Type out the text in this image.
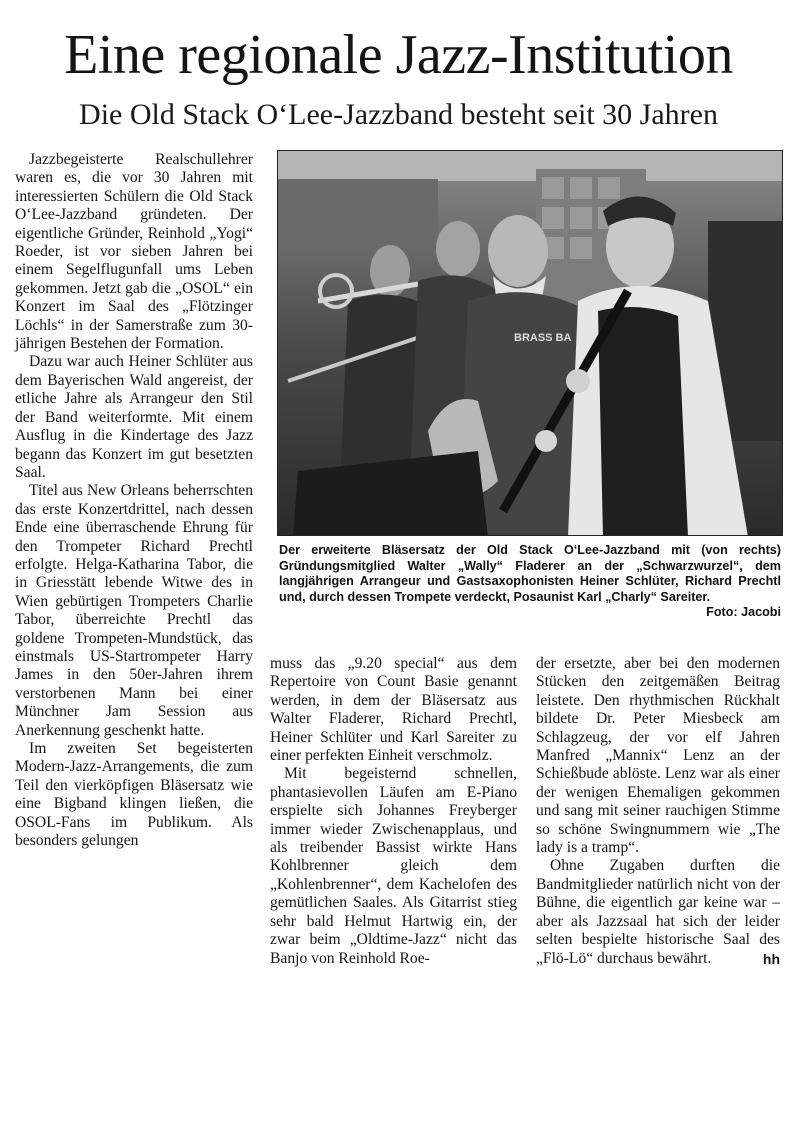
Eine regionale Jazz-Institution
Die Old Stack O‘Lee-Jazzband besteht seit 30 Jahren

Jazzbegeisterte Realschullehrer waren es, die vor 30 Jahren mit interessierten Schülern die Old Stack O‘Lee-Jazzband gründeten. Der eigentliche Gründer, Reinhold „Yogi“ Roeder, ist vor sieben Jahren bei einem Segelflugunfall ums Leben gekommen. Jetzt gab die „OSOL“ ein Konzert im Saal des „Flötzinger Löchls“ in der Samerstraße zum 30-jährigen Bestehen der Formation.

Dazu war auch Heiner Schlüter aus dem Bayerischen Wald angereist, der etliche Jahre als Arrangeur den Stil der Band weiterformte. Mit einem Ausflug in die Kindertage des Jazz begann das Konzert im gut besetzten Saal.

Titel aus New Orleans beherrschten das erste Konzertdrittel, nach dessen Ende eine überraschende Ehrung für den Trompeter Richard Prechtl erfolgte. Helga-Katharina Tabor, die in Griesstätt lebende Witwe des in Wien gebürtigen Trompeters Charlie Tabor, überreichte Prechtl das goldene Trompeten-Mundstück, das einstmals US-Startrompeter Harry James in den 50er-Jahren ihrem verstorbenen Mann bei einer Münchner Jam Session aus Anerkennung geschenkt hatte.

Im zweiten Set begeisterten Modern-Jazz-Arrangements, die zum Teil den vierköpfigen Bläsersatz wie eine Bigband klingen ließen, die OSOL-Fans im Publikum. Als besonders gelungen

BRASS BA
Der erweiterte Bläsersatz der Old Stack O‘Lee-Jazzband mit (von rechts) Gründungsmitglied Walter „Wally“ Fladerer an der „Schwarzwurzel“, dem langjährigen Arrangeur und Gastsaxophonisten Heiner Schlüter, Richard Prechtl und, durch dessen Trompete verdeckt, Posaunist Karl „Charly“ Sareiter.
Foto: Jacobi

muss das „9.20 special“ aus dem Repertoire von Count Basie genannt werden, in dem der Bläsersatz aus Walter Fladerer, Richard Prechtl, Heiner Schlüter und Karl Sareiter zu einer perfekten Einheit verschmolz.

Mit begeisternd schnellen, phantasievollen Läufen am E-Piano erspielte sich Johannes Freyberger immer wieder Zwischenapplaus, und als treibender Bassist wirkte Hans Kohlbrenner gleich dem „Kohlenbrenner“, dem Kachelofen des gemütlichen Saales. Als Gitarrist stieg sehr bald Helmut Hartwig ein, der zwar beim „Oldtime-Jazz“ nicht das Banjo von Reinhold Roe-

der ersetzte, aber bei den modernen Stücken den zeitgemäßen Beitrag leistete. Den rhythmischen Rückhalt bildete Dr. Peter Miesbeck am Schlagzeug, der vor elf Jahren Manfred „Mannix“ Lenz an der Schießbude ablöste. Lenz war als einer der wenigen Ehemaligen gekommen und sang mit seiner rauchigen Stimme so schöne Swingnummern wie „The lady is a tramp“.

Ohne Zugaben durften die Bandmitglieder natürlich nicht von der Bühne, die eigentlich gar keine war – aber als Jazzsaal hat sich der leider selten bespielte historische Saal des „Flö-Lö“ durchaus bewährt.	hh
